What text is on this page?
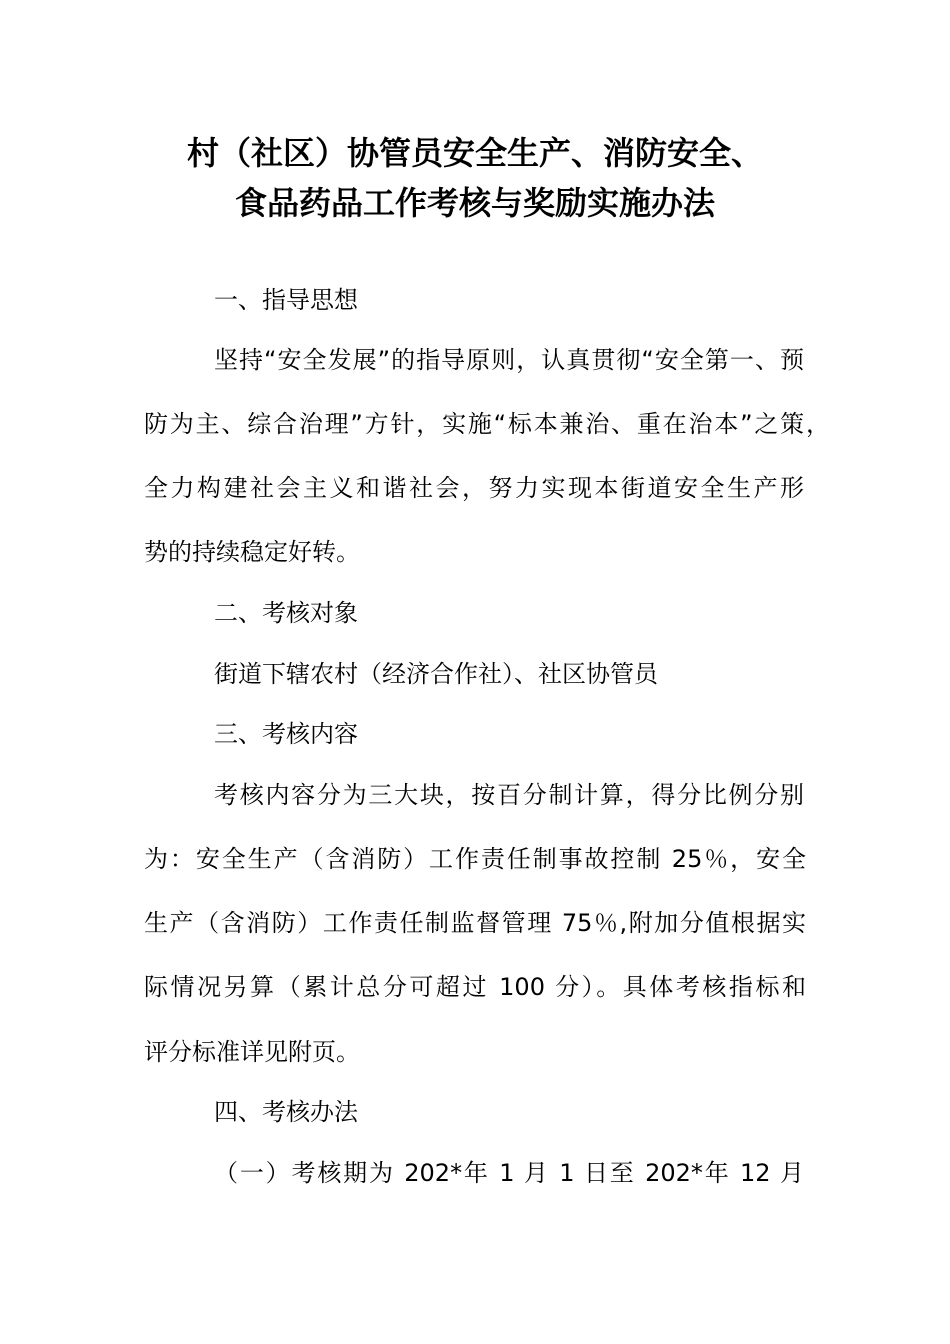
村（社区）协管员安全生产、消防安全、
食品药品工作考核与奖励实施办法
一、指导思想
坚持“安全发展”的指导原则，认真贯彻“安全第一、预
防为主、综合治理”方针，实施“标本兼治、重在治本”之策，
全力构建社会主义和谐社会，努力实现本街道安全生产形
势的持续稳定好转。
二、考核对象
街道下辖农村（经济合作社）、社区协管员
三、考核内容
考核内容分为三大块，按百分制计算，得分比例分别
为：安全生产（含消防）工作责任制事故控制 25％，安全
生产（含消防）工作责任制监督管理 75％,附加分值根据实
际情况另算（累计总分可超过 100 分）。具体考核指标和
评分标准详见附页。
四、考核办法
（一）考核期为 202*年 1 月 1 日至 202*年 12 月
